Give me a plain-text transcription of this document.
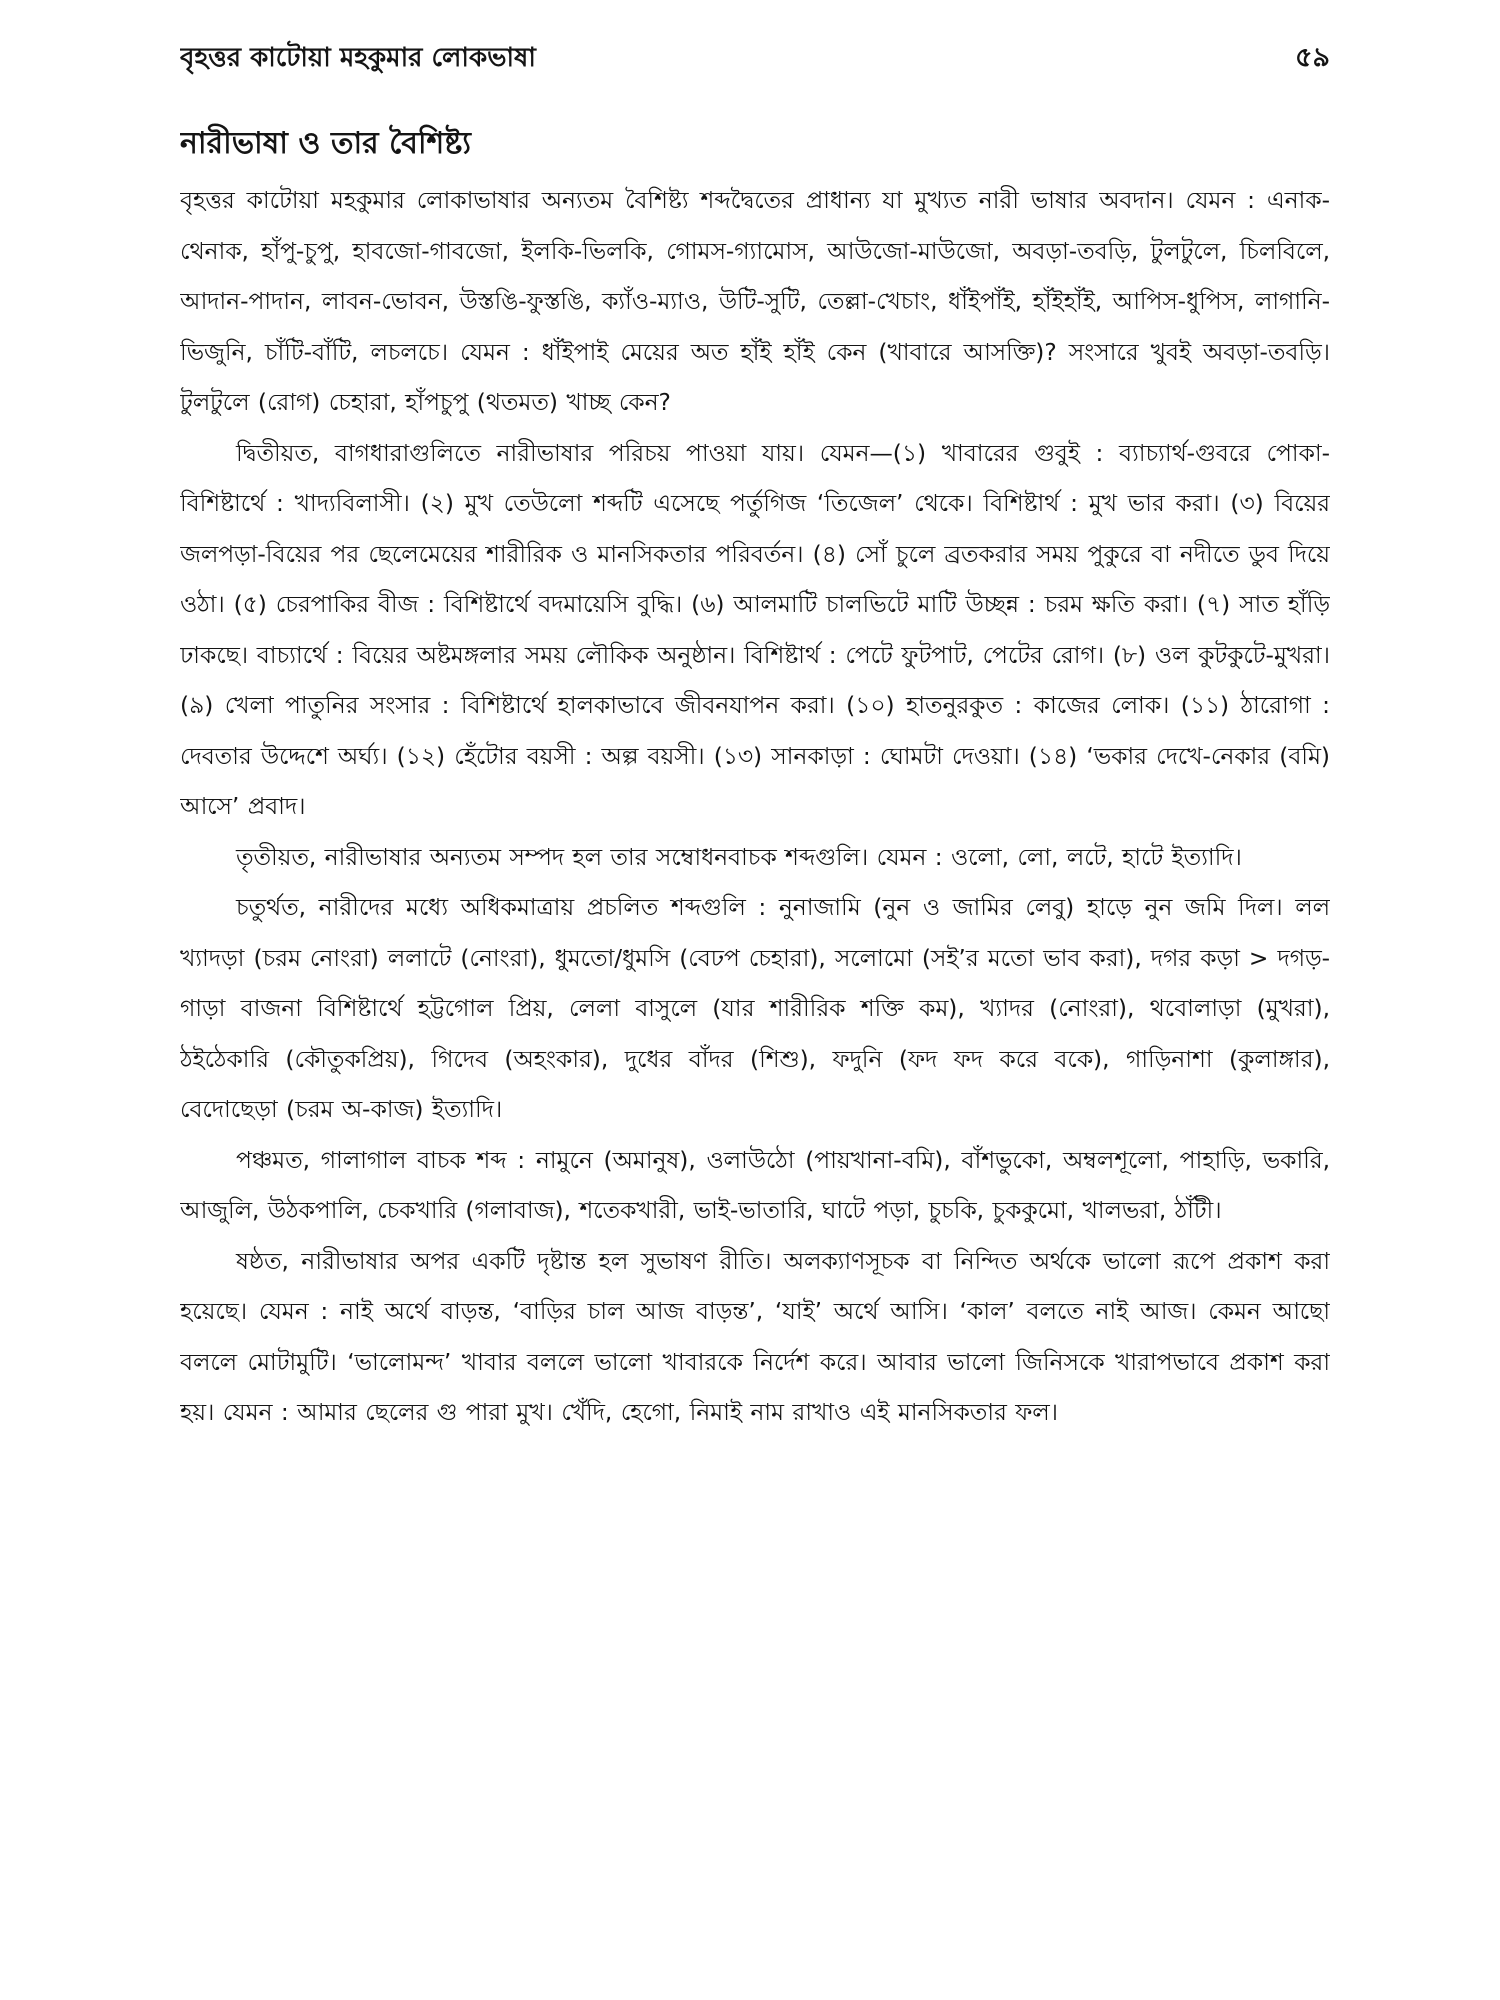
বৃহত্তর কাটোয়া মহকুমার লোকভাষা	৫৯
নারীভাষা ও তার বৈশিষ্ট্য

বৃহত্তর কাটোয়া মহকুমার লোকাভাষার অন্যতম বৈশিষ্ট্য শব্দদ্বৈতের প্রাধান্য যা মুখ্যত নারী ভাষার অবদান। যেমন : এনাক-থেনাক, হাঁপু-চুপু, হাবজো-গাবজো, ইলকি-ভিলকি, গোমস-গ্যামোস, আউজো-মাউজো, অবড়া-তবড়ি, টুলটুলে, চিলবিলে, আদান-পাদান, লাবন-ভোবন, উস্তঙি-ফুস্তঙি, ক্যাঁও-ম্যাও, উটি-সুটি, তেল্লা-খেচাং, ধাঁইপাঁই, হাঁইহাঁই, আপিস-ধুপিস, লাগানি-ভিজুনি, চাঁটি-বাঁটি, লচলচে। যেমন : ধাঁইপাই মেয়ের অত হাঁই হাঁই কেন (খাবারে আসক্তি)? সংসারে খুবই অবড়া-তবড়ি। টুলটুলে (রোগ) চেহারা, হাঁপচুপু (থতমত) খাচ্ছ কেন?

দ্বিতীয়ত, বাগধারাগুলিতে নারীভাষার পরিচয় পাওয়া যায়। যেমন—(১) খাবারের গুবুই : ব্যাচ্যার্থ-গুবরে পোকা-বিশিষ্টার্থে : খাদ্যবিলাসী। (২) মুখ তেউলো শব্দটি এসেছে পর্তুগিজ ‘তিজেল’ থেকে। বিশিষ্টার্থ : মুখ ভার করা। (৩) বিয়ের জলপড়া-বিয়ের পর ছেলেমেয়ের শারীরিক ও মানসিকতার পরিবর্তন। (৪) সোঁ চুলে ব্রতকরার সময় পুকুরে বা নদীতে ডুব দিয়ে ওঠা। (৫) চেরপাকির বীজ : বিশিষ্টার্থে বদমায়েসি বুদ্ধি। (৬) আলমাটি চালভিটে মাটি উচ্ছন্ন : চরম ক্ষতি করা। (৭) সাত হাঁড়ি ঢাকছে। বাচ্যার্থে : বিয়ের অষ্টমঙ্গলার সময় লৌকিক অনুষ্ঠান। বিশিষ্টার্থ : পেটে ফুটপাট, পেটের রোগ। (৮) ওল কুটকুটে-মুখরা। (৯) খেলা পাতুনির সংসার : বিশিষ্টার্থে হালকাভাবে জীবনযাপন করা। (১০) হাতনুরকুত : কাজের লোক। (১১) ঠারোগা : দেবতার উদ্দেশে অর্ঘ্য। (১২) হেঁটোর বয়সী : অল্প বয়সী। (১৩) সানকাড়া : ঘোমটা দেওয়া। (১৪) ‘ভকার দেখে-নেকার (বমি) আসে’ প্রবাদ।

তৃতীয়ত, নারীভাষার অন্যতম সম্পদ হল তার সম্বোধনবাচক শব্দগুলি। যেমন : ওলো, লো, লটে, হাটে ইত্যাদি।

চতুর্থত, নারীদের মধ্যে অধিকমাত্রায় প্রচলিত শব্দগুলি : নুনাজামি (নুন ও জামির লেবু) হাড়ে নুন জমি দিল। লল খ্যাদড়া (চরম নোংরা) ললাটে (নোংরা), ধুমতো/ধুমসি (বেঢপ চেহারা), সলোমো (সই’র মতো ভাব করা), দগর কড়া > দগড়-গাড়া বাজনা বিশিষ্টার্থে হট্টগোল প্রিয়, লেলা বাসুলে (যার শারীরিক শক্তি কম), খ্যাদর (নোংরা), থবোলাড়া (মুখরা), ঠইঠেকারি (কৌতুকপ্রিয়), গিদেব (অহংকার), দুধের বাঁদর (শিশু), ফদুনি (ফদ ফদ করে বকে), গাড়িনাশা (কুলাঙ্গার), বেদোছেড়া (চরম অ-কাজ) ইত্যাদি।

পঞ্চমত, গালাগাল বাচক শব্দ : নামুনে (অমানুষ), ওলাউঠো (পায়খানা-বমি), বাঁশভুকো, অম্বলশূলো, পাহাড়ি, ভকারি, আজুলি, উঠকপালি, চেকখারি (গলাবাজ), শতেকখারী, ভাই-ভাতারি, ঘাটে পড়া, চুচকি, চুককুমো, খালভরা, ঠাঁটী।

ষষ্ঠত, নারীভাষার অপর একটি দৃষ্টান্ত হল সুভাষণ রীতি। অলক্যাণসূচক বা নিন্দিত অর্থকে ভালো রূপে প্রকাশ করা হয়েছে। যেমন : নাই অর্থে বাড়ন্ত, ‘বাড়ির চাল আজ বাড়ন্ত’, ‘যাই’ অর্থে আসি। ‘কাল’ বলতে নাই আজ। কেমন আছো বললে মোটামুটি। ‘ভালোমন্দ’ খাবার বললে ভালো খাবারকে নির্দেশ করে। আবার ভালো জিনিসকে খারাপভাবে প্রকাশ করা হয়। যেমন : আমার ছেলের গু পারা মুখ। খেঁদি, হেগো, নিমাই নাম রাখাও এই মানসিকতার ফল।
